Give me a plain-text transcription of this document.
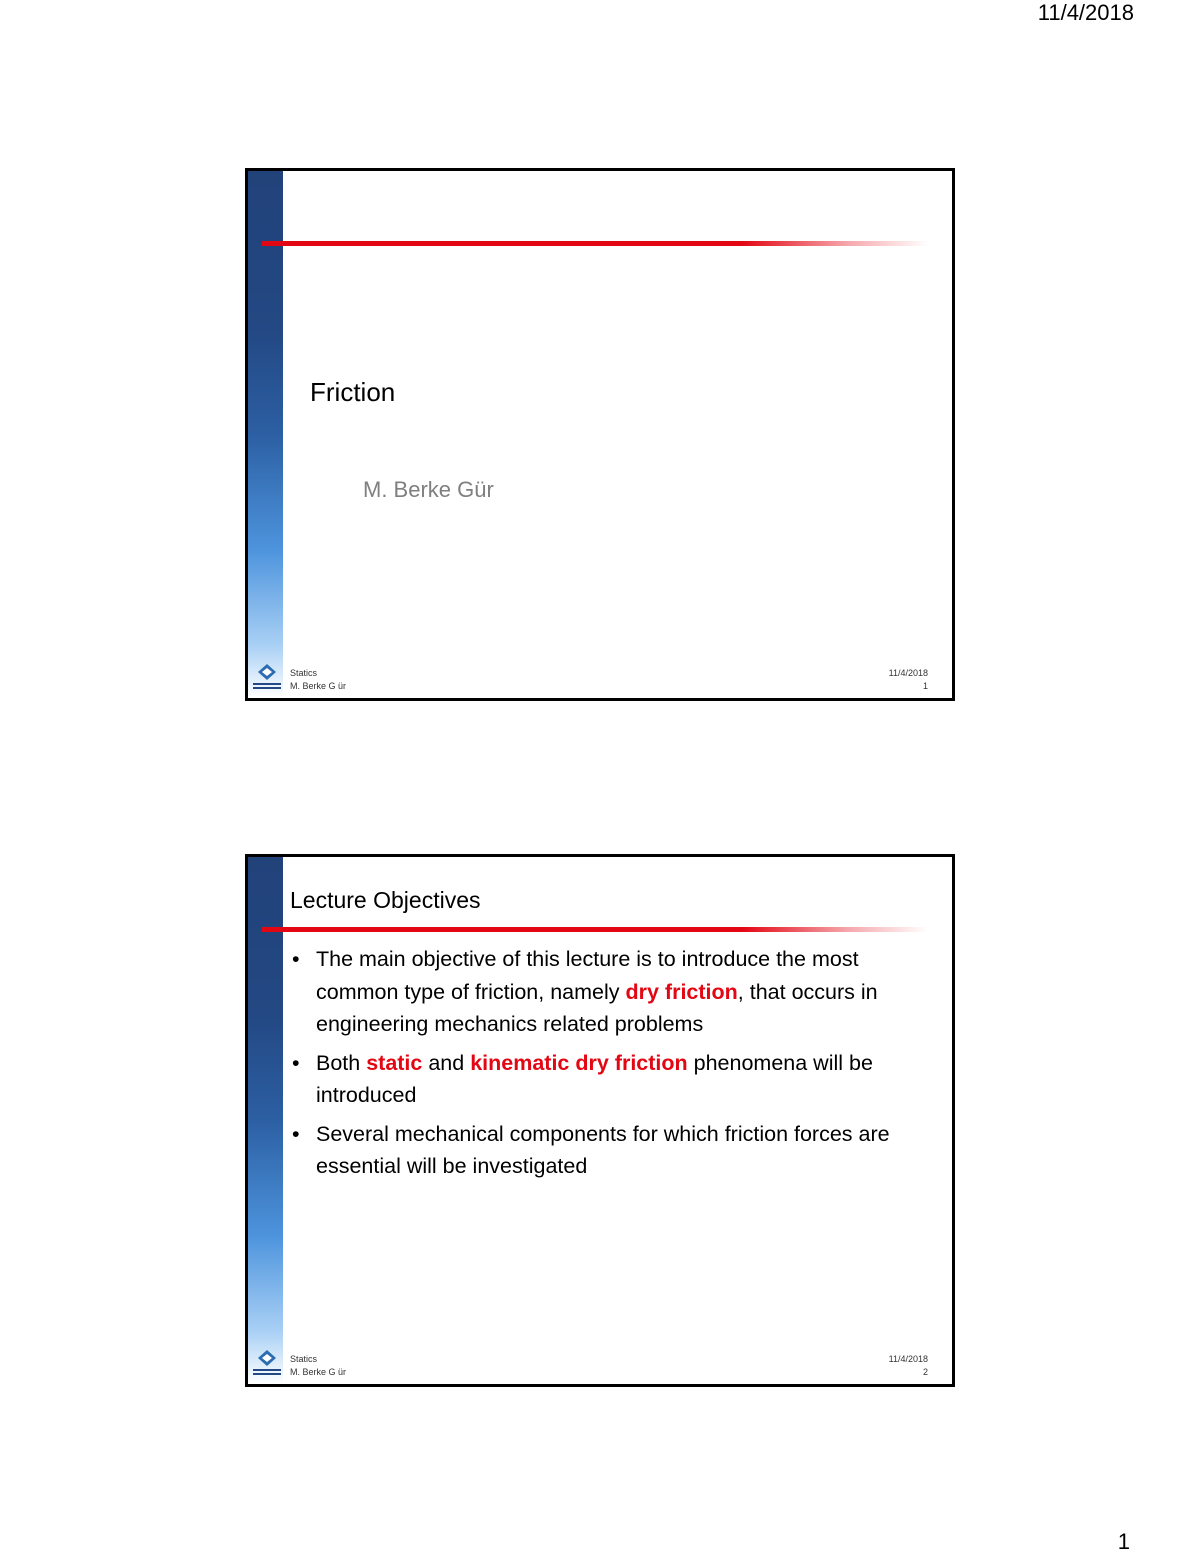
11/4/2018
Friction
M. Berke Gür
Statics
M. Berke G ür
11/4/2018
1
Lecture Objectives
• The main objective of this lecture is to introduce the most common type of friction, namely dry friction, that occurs in engineering mechanics related problems
• Both static and kinematic dry friction phenomena will be introduced
• Several mechanical components for which friction forces are essential will be investigated
Statics
M. Berke G ür
11/4/2018
2
1
